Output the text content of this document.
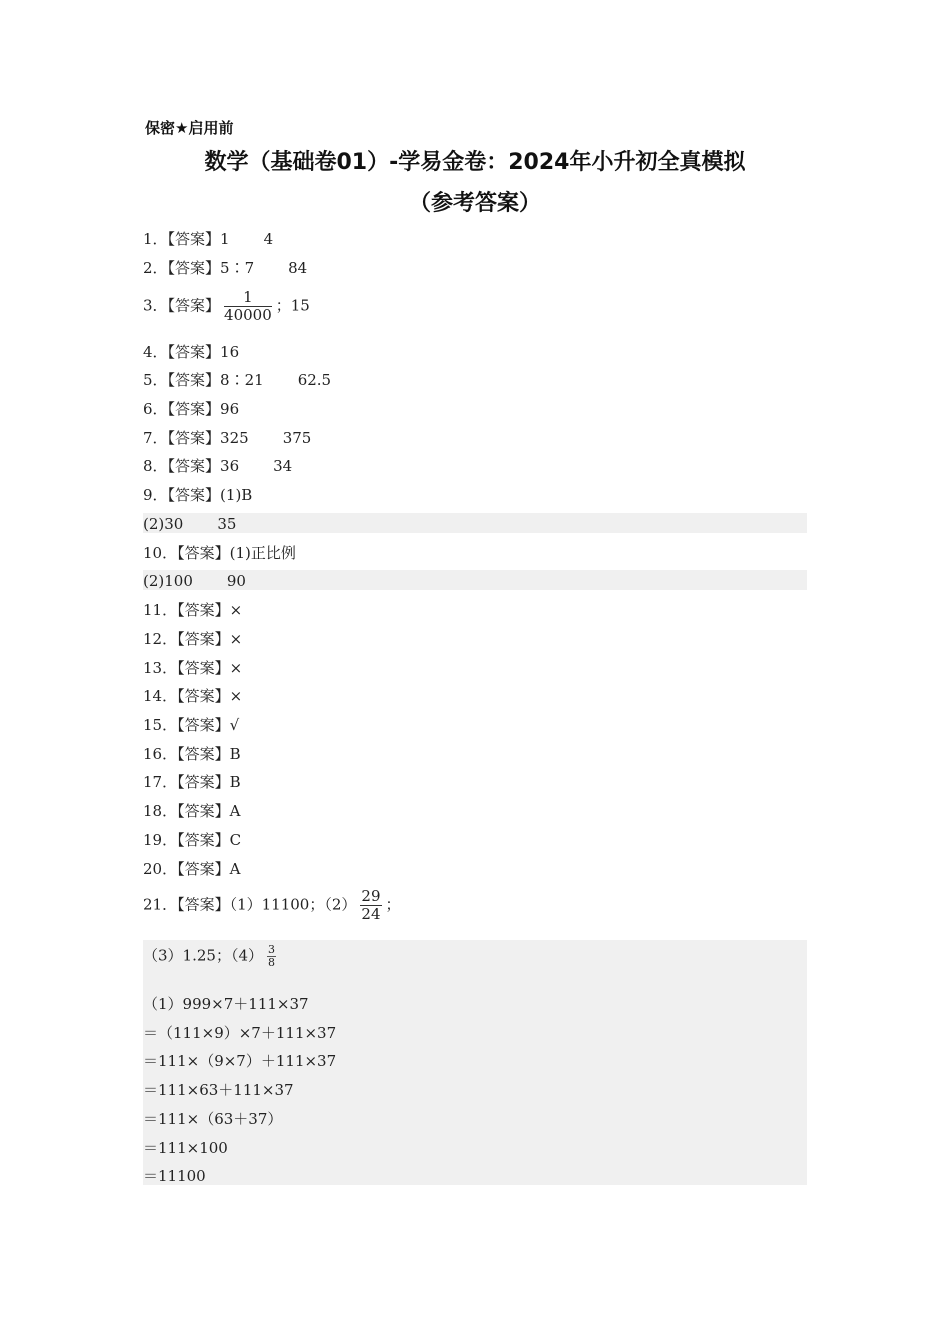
保密★启用前
数学（基础卷01）-学易金卷：2024年小升初全真模拟
（参考答案）
1．【答案】1 4
2．【答案】5∶7 84
3．【答案】 $\frac{1}{40000}$ ；15
4．【答案】16
5．【答案】8∶21 62.5
6．【答案】96
7．【答案】325 375
8．【答案】36 34
9．【答案】(1)B
(2)30 35
10．【答案】(1)正比例
(2)100 90
11．【答案】×
12．【答案】×
13．【答案】×
14．【答案】×
15．【答案】√
16．【答案】B
17．【答案】B
18．【答案】A
19．【答案】C
20．【答案】A
21．【答案】（1）11100；$(2) \frac{29}{24}$ ；
（3）1.25；$(4) \frac{3}{8}$
（1）999×7＋111×37
＝（111×9）×7＋111×37
＝111×（9×7）＋111×37
＝111×63＋111×37
＝111×（63＋37）
＝111×100
＝11100
